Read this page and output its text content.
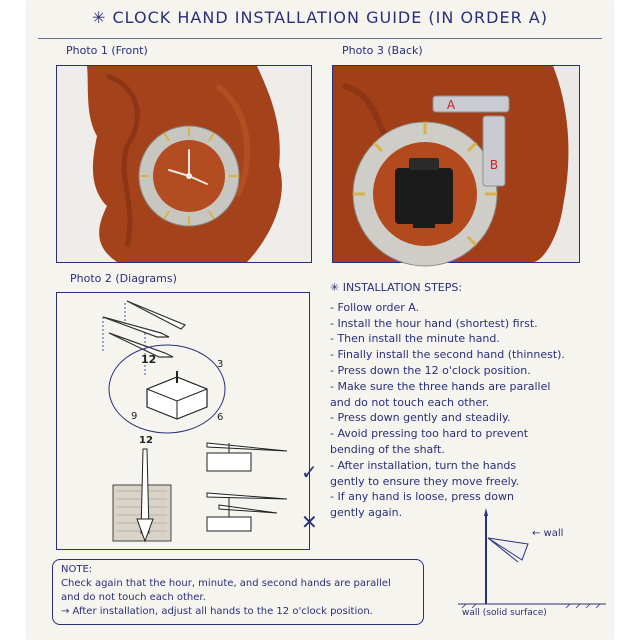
✳ CLOCK HAND INSTALLATION GUIDE (IN ORDER A)
Photo 1 (Front)	Photo 3 (Back)
A
B
Photo 2 (Diagrams)
12	3
6
9
12
✓
✕
✳ INSTALLATION STEPS:
- Follow order A.
- Install the hour hand (shortest) first.
- Then install the minute hand.
- Finally install the second hand (thinnest).
- Press down the 12 o'clock position.
- Make sure the three hands are parallel
and do not touch each other.
- Press down gently and steadily.
- Avoid pressing too hard to prevent
bending of the shaft.
- After installation, turn the hands
gently to ensure they move freely.
- If any hand is loose, press down
gently again.
← wall
wall (solid surface)
NOTE:
Check again that the hour, minute, and second hands are parallel
and do not touch each other.
→ After installation, adjust all hands to the 12 o'clock position.
